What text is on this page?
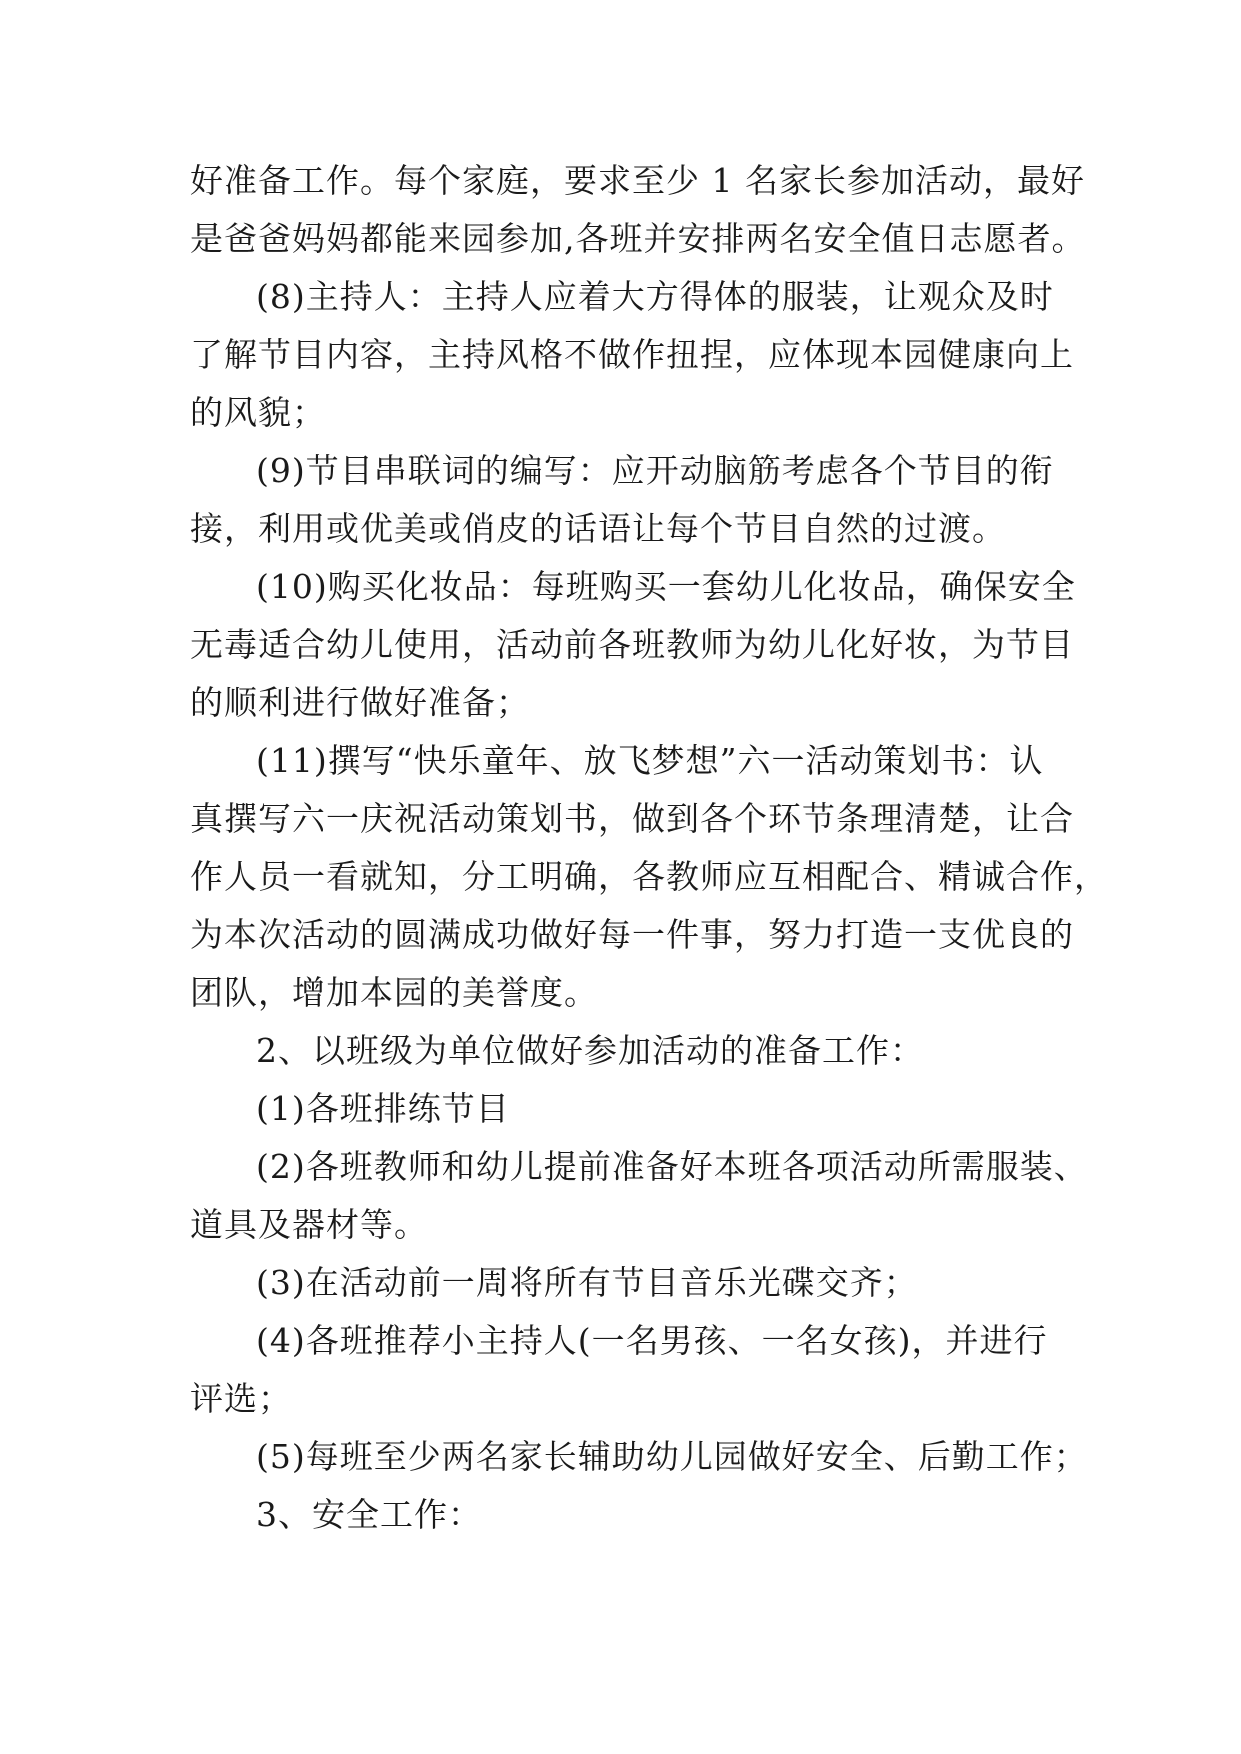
好准备工作。每个家庭，要求至少 1 名家长参加活动，最好
是爸爸妈妈都能来园参加,各班并安排两名安全值日志愿者。
(8)主持人：主持人应着大方得体的服装，让观众及时
了解节目内容，主持风格不做作扭捏，应体现本园健康向上
的风貌；
(9)节目串联词的编写：应开动脑筋考虑各个节目的衔
接，利用或优美或俏皮的话语让每个节目自然的过渡。
(10)购买化妆品：每班购买一套幼儿化妆品，确保安全
无毒适合幼儿使用，活动前各班教师为幼儿化好妆，为节目
的顺利进行做好准备；
(11)撰写“快乐童年、放飞梦想”六一活动策划书：认
真撰写六一庆祝活动策划书，做到各个环节条理清楚，让合
作人员一看就知，分工明确，各教师应互相配合、精诚合作，
为本次活动的圆满成功做好每一件事，努力打造一支优良的
团队，增加本园的美誉度。
2、以班级为单位做好参加活动的准备工作：
(1)各班排练节目
(2)各班教师和幼儿提前准备好本班各项活动所需服装、
道具及器材等。
(3)在活动前一周将所有节目音乐光碟交齐；
(4)各班推荐小主持人(一名男孩、一名女孩)，并进行
评选；
(5)每班至少两名家长辅助幼儿园做好安全、后勤工作；
3、安全工作：
